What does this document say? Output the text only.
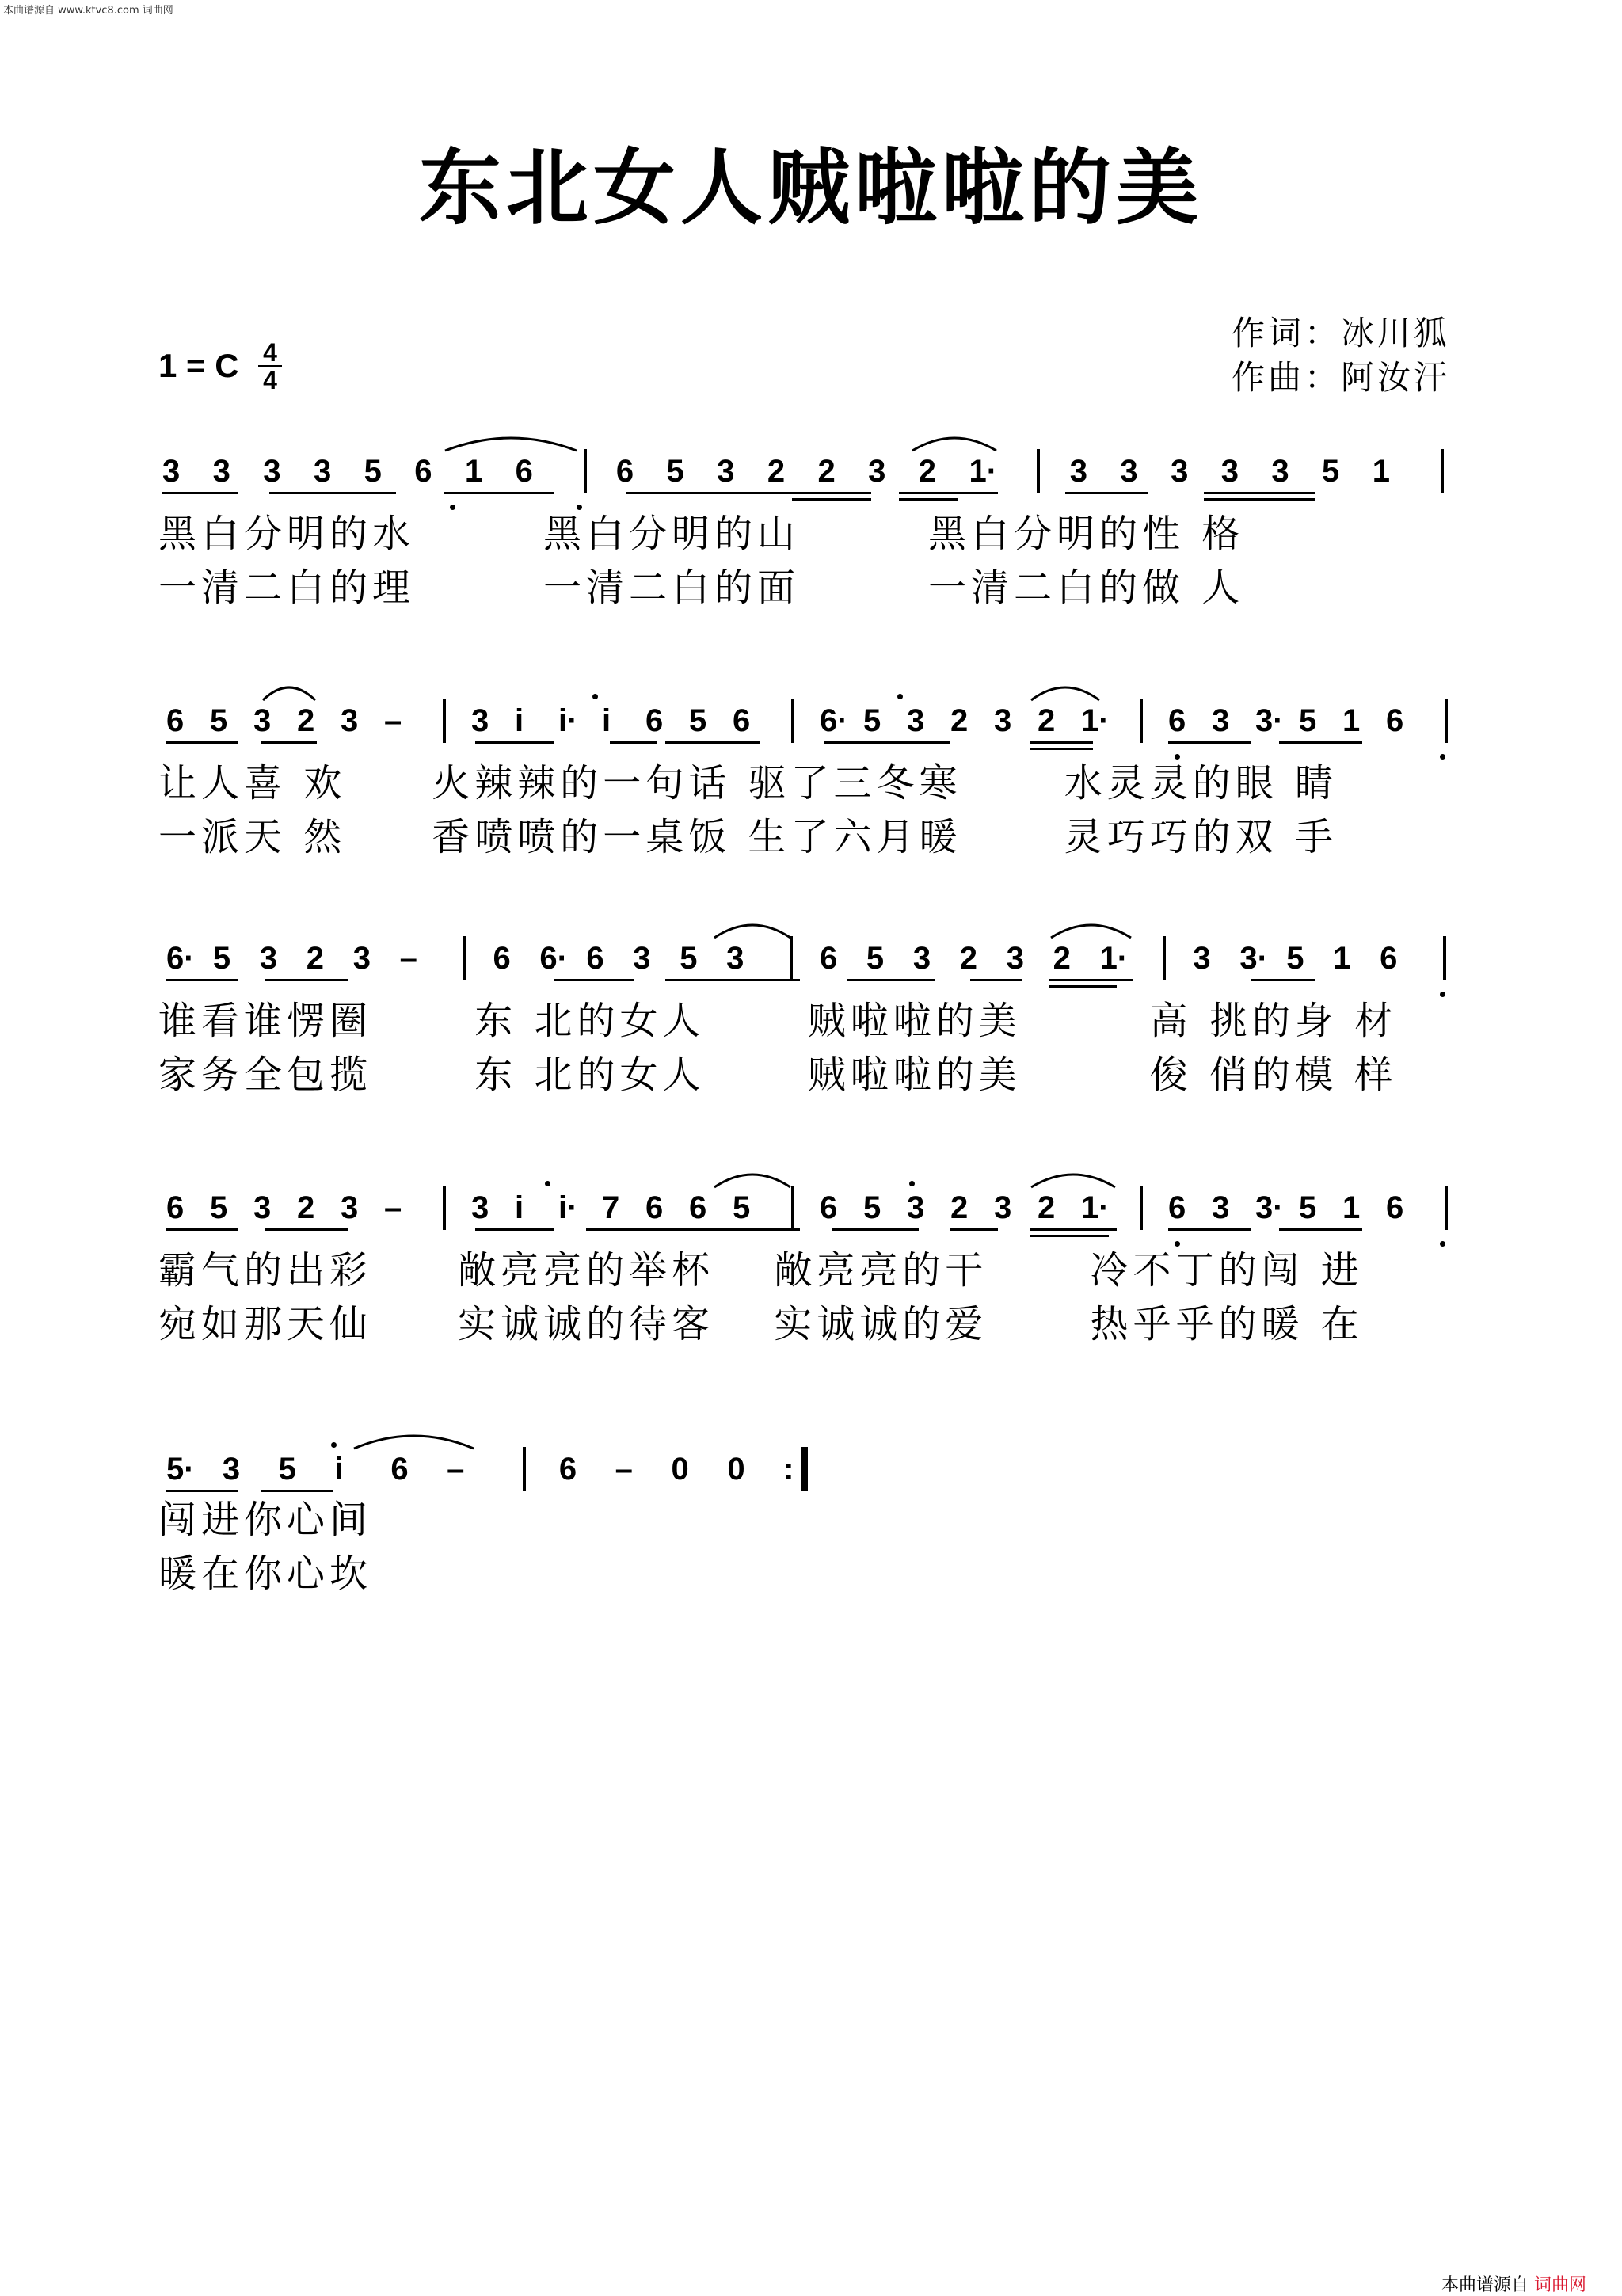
本曲谱源自 www.ktvc8.com 词曲网
东北女人贼啦啦的美
作词：冰川狐
作曲：阿汝汗
1 = C 4
4
3 3 3 3 5 6 1 6	6 5 3 2 2 3 2 1· 3 3 3 3 3 5 1
黑白分明的水　　　黑白分明的山　　　黑白分明的性 格
一清二白的理　　　一清二白的面　　　一清二白的做 人
6 5 3 2 3 – 3 i i· i 6 5 6 6· 5 3 2 3 2 1· 6 3 3· 5 1 6
让人喜 欢　　火辣辣的一句话 驱了三冬寒　　 水灵灵的眼 睛
一派天 然　　香喷喷的一桌饭 生了六月暖　　 灵巧巧的双 手
6· 5 3 2 3 – 6 6· 6 3 5 3 6 5 3 2 3 2 1· 3 3· 5 1 6
谁看谁愣圈　　 东 北的女人　　 贼啦啦的美　　　高 挑的身 材
家务全包揽　　 东 北的女人　　 贼啦啦的美　　　俊 俏的模 样
6 5 3 2 3 – 3 i i· 7 6 6 5 6 5 3 2 3 2 1· 6 3 3· 5 1 6
霸气的出彩　　敞亮亮的举杯　 敞亮亮的干　　 冷不丁的闯 进
宛如那天仙　　实诚诚的待客　 实诚诚的爱　　 热乎乎的暖 在
5· 3 5 i 6 –	6 – 0 0 :
闯进你心间
暖在你心坎
本曲谱源自 词曲网
